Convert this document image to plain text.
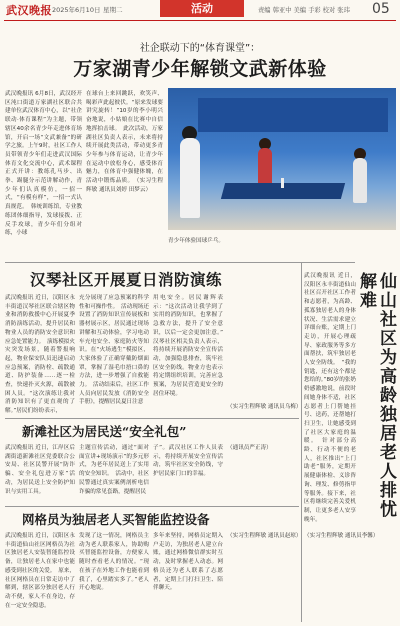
武汉晚报 2025年6月10日 星期二	活动	责编 韩亚中 美编 手彩 校对 张玮 05
社企联动下的“体育课堂”：
万家湖青少年解锁文武新体验
武汉晚报讯 6月8日，武汉经开区沌口街道万家湖社区联合共建单位武汉体育中心，以“社企联动·体育课程”为主题，带领辖区40余名青少年走进体育场馆，开启一场“文武兼备”的研学之旅。上午9时，社区工作人员带领青少年们走进武汉国际体育文化交流中心，武术课程正式开讲：教练孔马步、出拳、踢腿分示范讲解动作，青少年们认真模仿，一招一式，“有模有样”，一招一式认真规范。　韩统训练馆，专业教练团体细指导，发球接拨、正反手攻球，青少年们分组对练，小球
在球台上来回跳跃，欢笑声、喝彩声此起彼伏。“原来发球要讲究旋转！”10岁的李小明兴奋地说，小姑娘在比赛中自信地挥拍击球。　此次活动，万家湖社区负责人表示，未来将持续开展此类活动，带动更多青少年参与体育运动，让青少年在运动中放松身心，感受体育魅力，在体育中强健体魄，在活动中锻炼品质。　（实习生程辉敏 通讯员刘婷 田梦云）
青少年体验国球乒乓。
汉琴社区开展夏日消防演练
武汉晚报讯 近日，汉阳区永丰街道汉琴社区联合辖区物业和消防救援中心开展夏季消防演练活动，提升居民和物业人员的消防安全意识和应急处置能力。　演练模拟火灾突发场景，随着警报响起，物业保安队员迅速启动应急预案，消防栓、疏散通道、防护装备……逐一检查，快速扑灭火源，疏散被困人员。“这次演练让我对消防知识有了更直观的了解。”居民们纷纷表示，
充分展现了应急预案的科学性和可操作性。　活动现场还设置了消防知识宣传展板和器材展示区，居民通过现场讲解和互动体验，学习电动车充电安全、家庭防火等知识。在“火场逃生”模拟区，大家体验了正确穿戴防烟面罩，掌握了湿毛巾捂口鼻的方法，进一步增强了自救能力。　活动结束后，社区工作人员向居民发放《消防安全手册》，提醒居民夏日注意
用电安全。居民谢辉表示：“这次活动让我学到了实用的消防知识，也掌握了急救方法，提升了安全意识，以后一定会更加注意。”　汉琴社区相关负责人表示，将持续开展消防安全宣传活动，加强隐患排查，筑牢社区安全防线。物业方也表示将定期组织培训，完善应急预案，为居民营造更安全的居住环境。
（实习生程辉敏 通讯员乌梅）	仙山社区为高龄独居老人排忧解难
武汉晚报讯 近日，汉阳区永丰街道仙山社区召开社区工作者和志愿者，为高龄、孤寡独居老人的身体状况、生活需求建立详细台账，定期上门走访，开展心理疏导、家政服务等多方面帮扶，筑牢独居老人安全防线。　“我的钥匙，还有这个都是您给的。”80岁的张奶奶感激地说，前段时间她身体不适，社区志愿者上门帮她挂号、送药，还帮她打扫卫生，让她感受到了社区大家庭的温暖。　针对部分高龄、行动不便的老人，社区推出“上门助老”服务，定期开展健康体检、义诊咨询、理发、修剪指甲等服务。接下来，社区将继续完善关爱机制，让更多老人安享晚年。
新滩社区为居民送“安全礼包”
武汉晚报讯 近日，江岸区后湖街道新滩社区党委联合公安局、社区民警开展“防诈骗、安全礼包进万家”活动，为居民送上安全防护知识与实用工具。
主题宣传活动，通过“面对面宣讲+现场演示”的多元形式，为老年居民送上了实用的安全知识。　活动中，社区民警通过真实案例剖析电信诈骗的常见套路，提醒居民
子”。武汉社区工作人员表示，将持续开展安全宣传活动，筑牢社区安全防线，守护居民家门口的幸福。
（通讯员严正涛）
网格员为独居老人买智能监控设备
武汉晚报讯 近日，汉阳区永丰街道仙山社区网格员为社区独居老人安装智能监控设备，让独居老人在家中也能感受到社区的关爱。　原来，社区网格员在日常走访中了解到，辖区部分独居老人行动不便，家人不在身边，存在一定安全隐患。
发现了这一情况，网格员主动为老人联系家人，协助购买智能监控设备，方便家人随时查看老人的情况。“现在孩子在外地工作也能看到我了，心里踏实多了。”老人开心地说。
多年来坚持，网格员定期入户走访，为独居老人建立台账，通过网格微信群实时互动，及时掌握老人动态。网格员还为老人联系了志愿者，定期上门打扫卫生、陪伴聊天。
（实习生程辉敏 通讯员赵琼） （实习生程辉敏 通讯员李馨）
